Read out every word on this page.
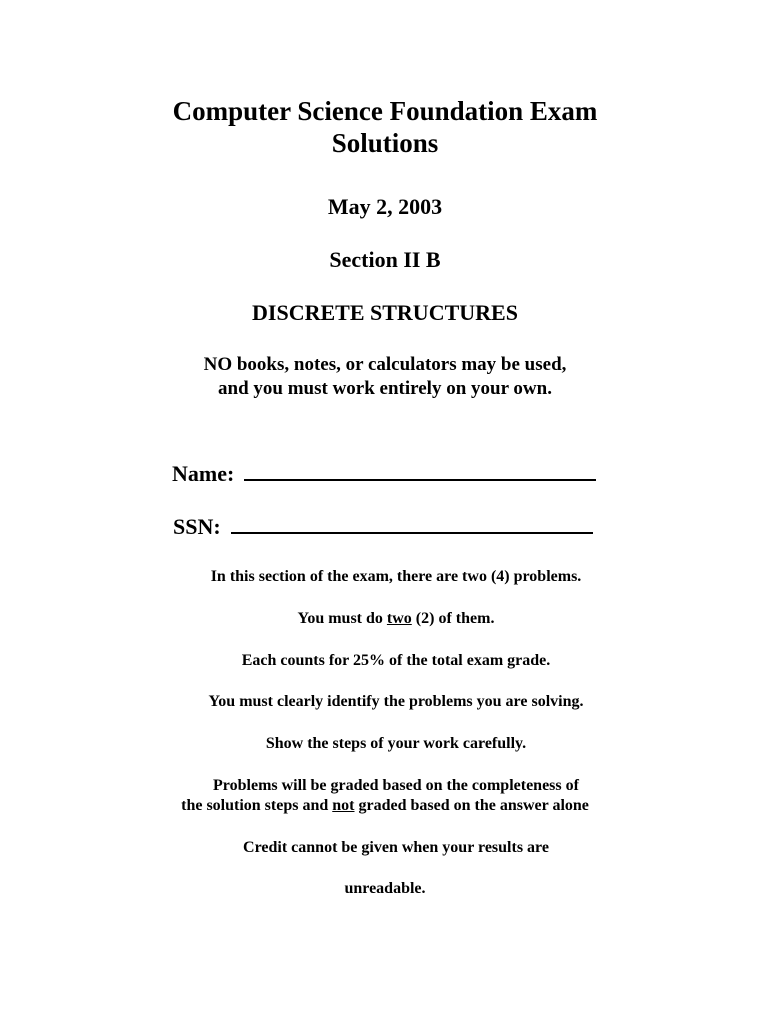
Computer Science Foundation Exam
Solutions
May 2, 2003
Section II B
DISCRETE STRUCTURES
NO books, notes, or calculators may be used,
and you must work entirely on your own.
Name:
SSN:
In this section of the exam, there are two (4) problems.
You must do two (2) of them.
Each counts for 25% of the total exam grade.
You must clearly identify the problems you are solving.
Show the steps of your work carefully.
Problems will be graded based on the completeness of
the solution steps and not graded based on the answer alone
Credit cannot be given when your results are
unreadable.
